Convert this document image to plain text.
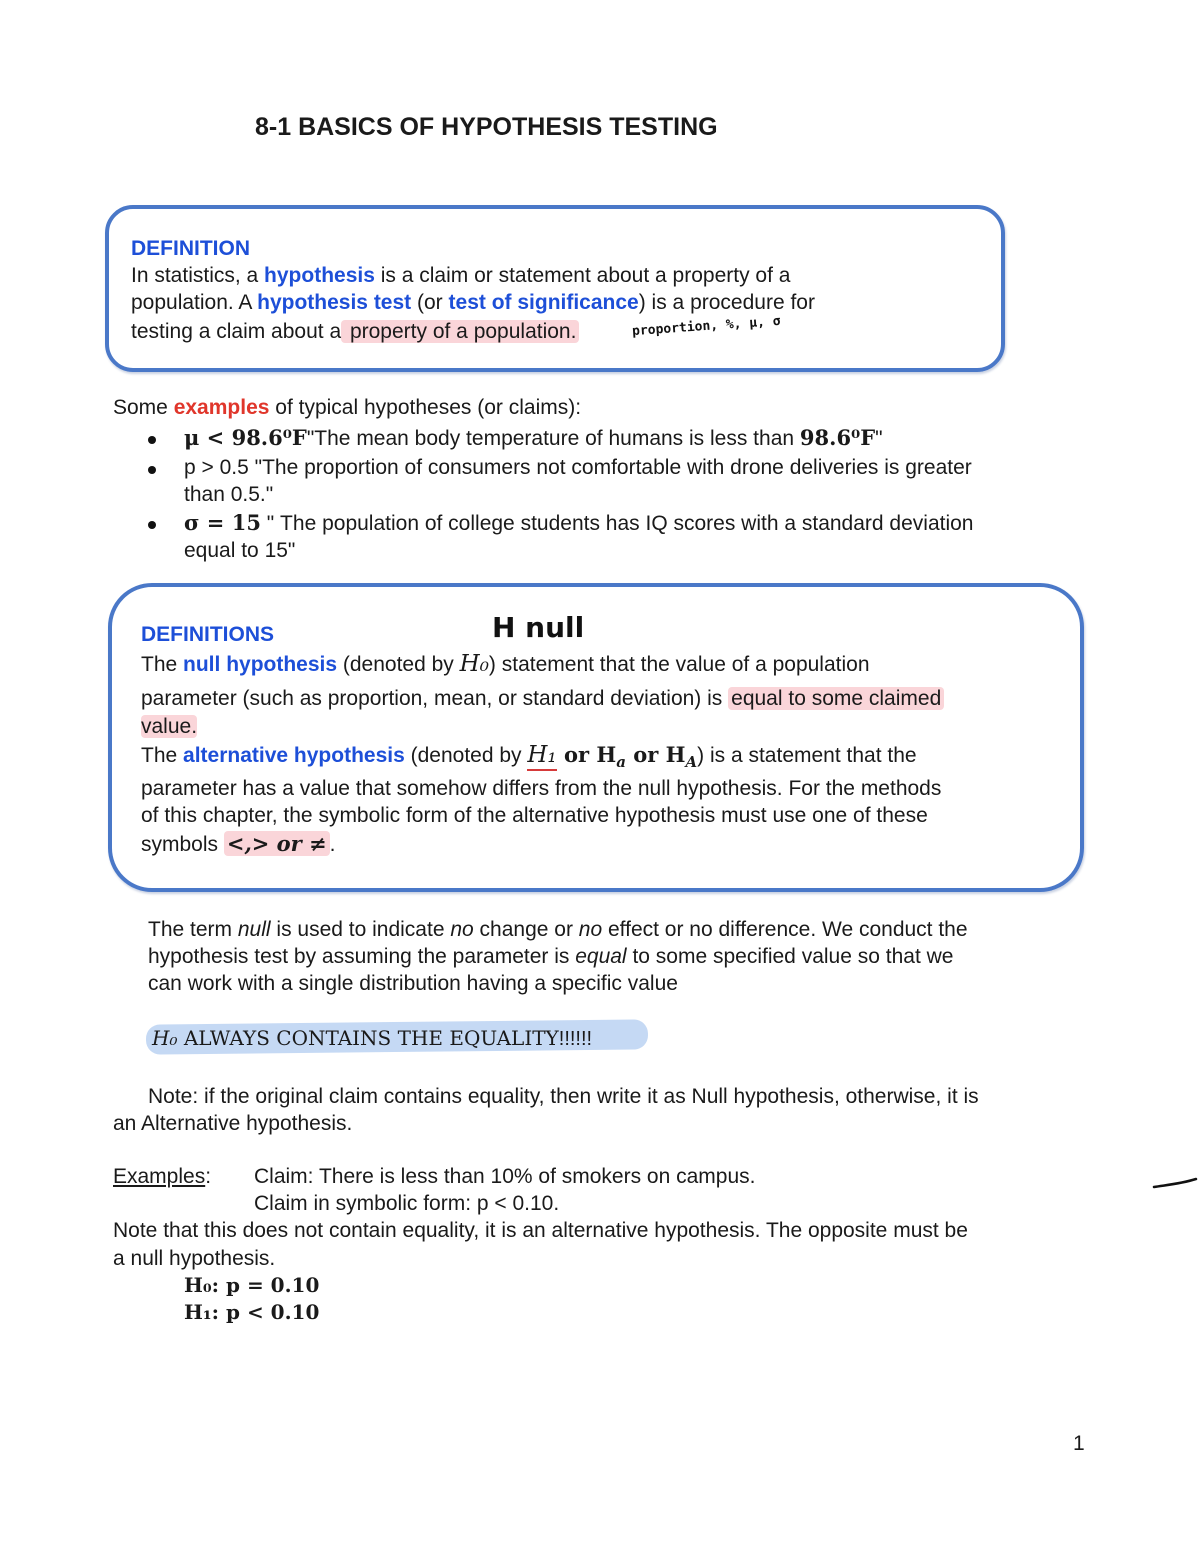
8-1 BASICS OF HYPOTHESIS TESTING
DEFINITION
In statistics, a hypothesis is a claim or statement about a property of a
population. A hypothesis test (or test of significance) is a procedure for
testing a claim about a property of a population.	proportion, %, μ, σ
Some examples of typical hypotheses (or claims):
μ < 98.6⁰F"The mean body temperature of humans is less than 98.6⁰F"
p > 0.5 "The proportion of consumers not comfortable with drone deliveries is greater
than 0.5."
σ = 15 " The population of college students has IQ scores with a standard deviation
equal to 15"
DEFINITIONS	H null
The null hypothesis (denoted by H₀) statement that the value of a population
parameter (such as proportion, mean, or standard deviation) is equal to some claimed
value.
The alternative hypothesis (denoted by H₁ or $H_a$ or $H_A$) is a statement that the
parameter has a value that somehow differs from the null hypothesis. For the methods
of this chapter, the symbolic form of the alternative hypothesis must use one of these
symbols <,> or ≠ .
The term null is used to indicate no change or no effect or no difference. We conduct the
hypothesis test by assuming the parameter is equal to some specified value so that we
can work with a single distribution having a specific value
H₀ ALWAYS CONTAINS THE EQUALITY!!!!!!
Note: if the original claim contains equality, then write it as Null hypothesis, otherwise, it is
an Alternative hypothesis.
Examples: Claim: There is less than 10% of smokers on campus.
Claim in symbolic form: p < 0.10.
Note that this does not contain equality, it is an alternative hypothesis. The opposite must be
a null hypothesis.
H₀: p = 0.10
H₁: p < 0.10
1
